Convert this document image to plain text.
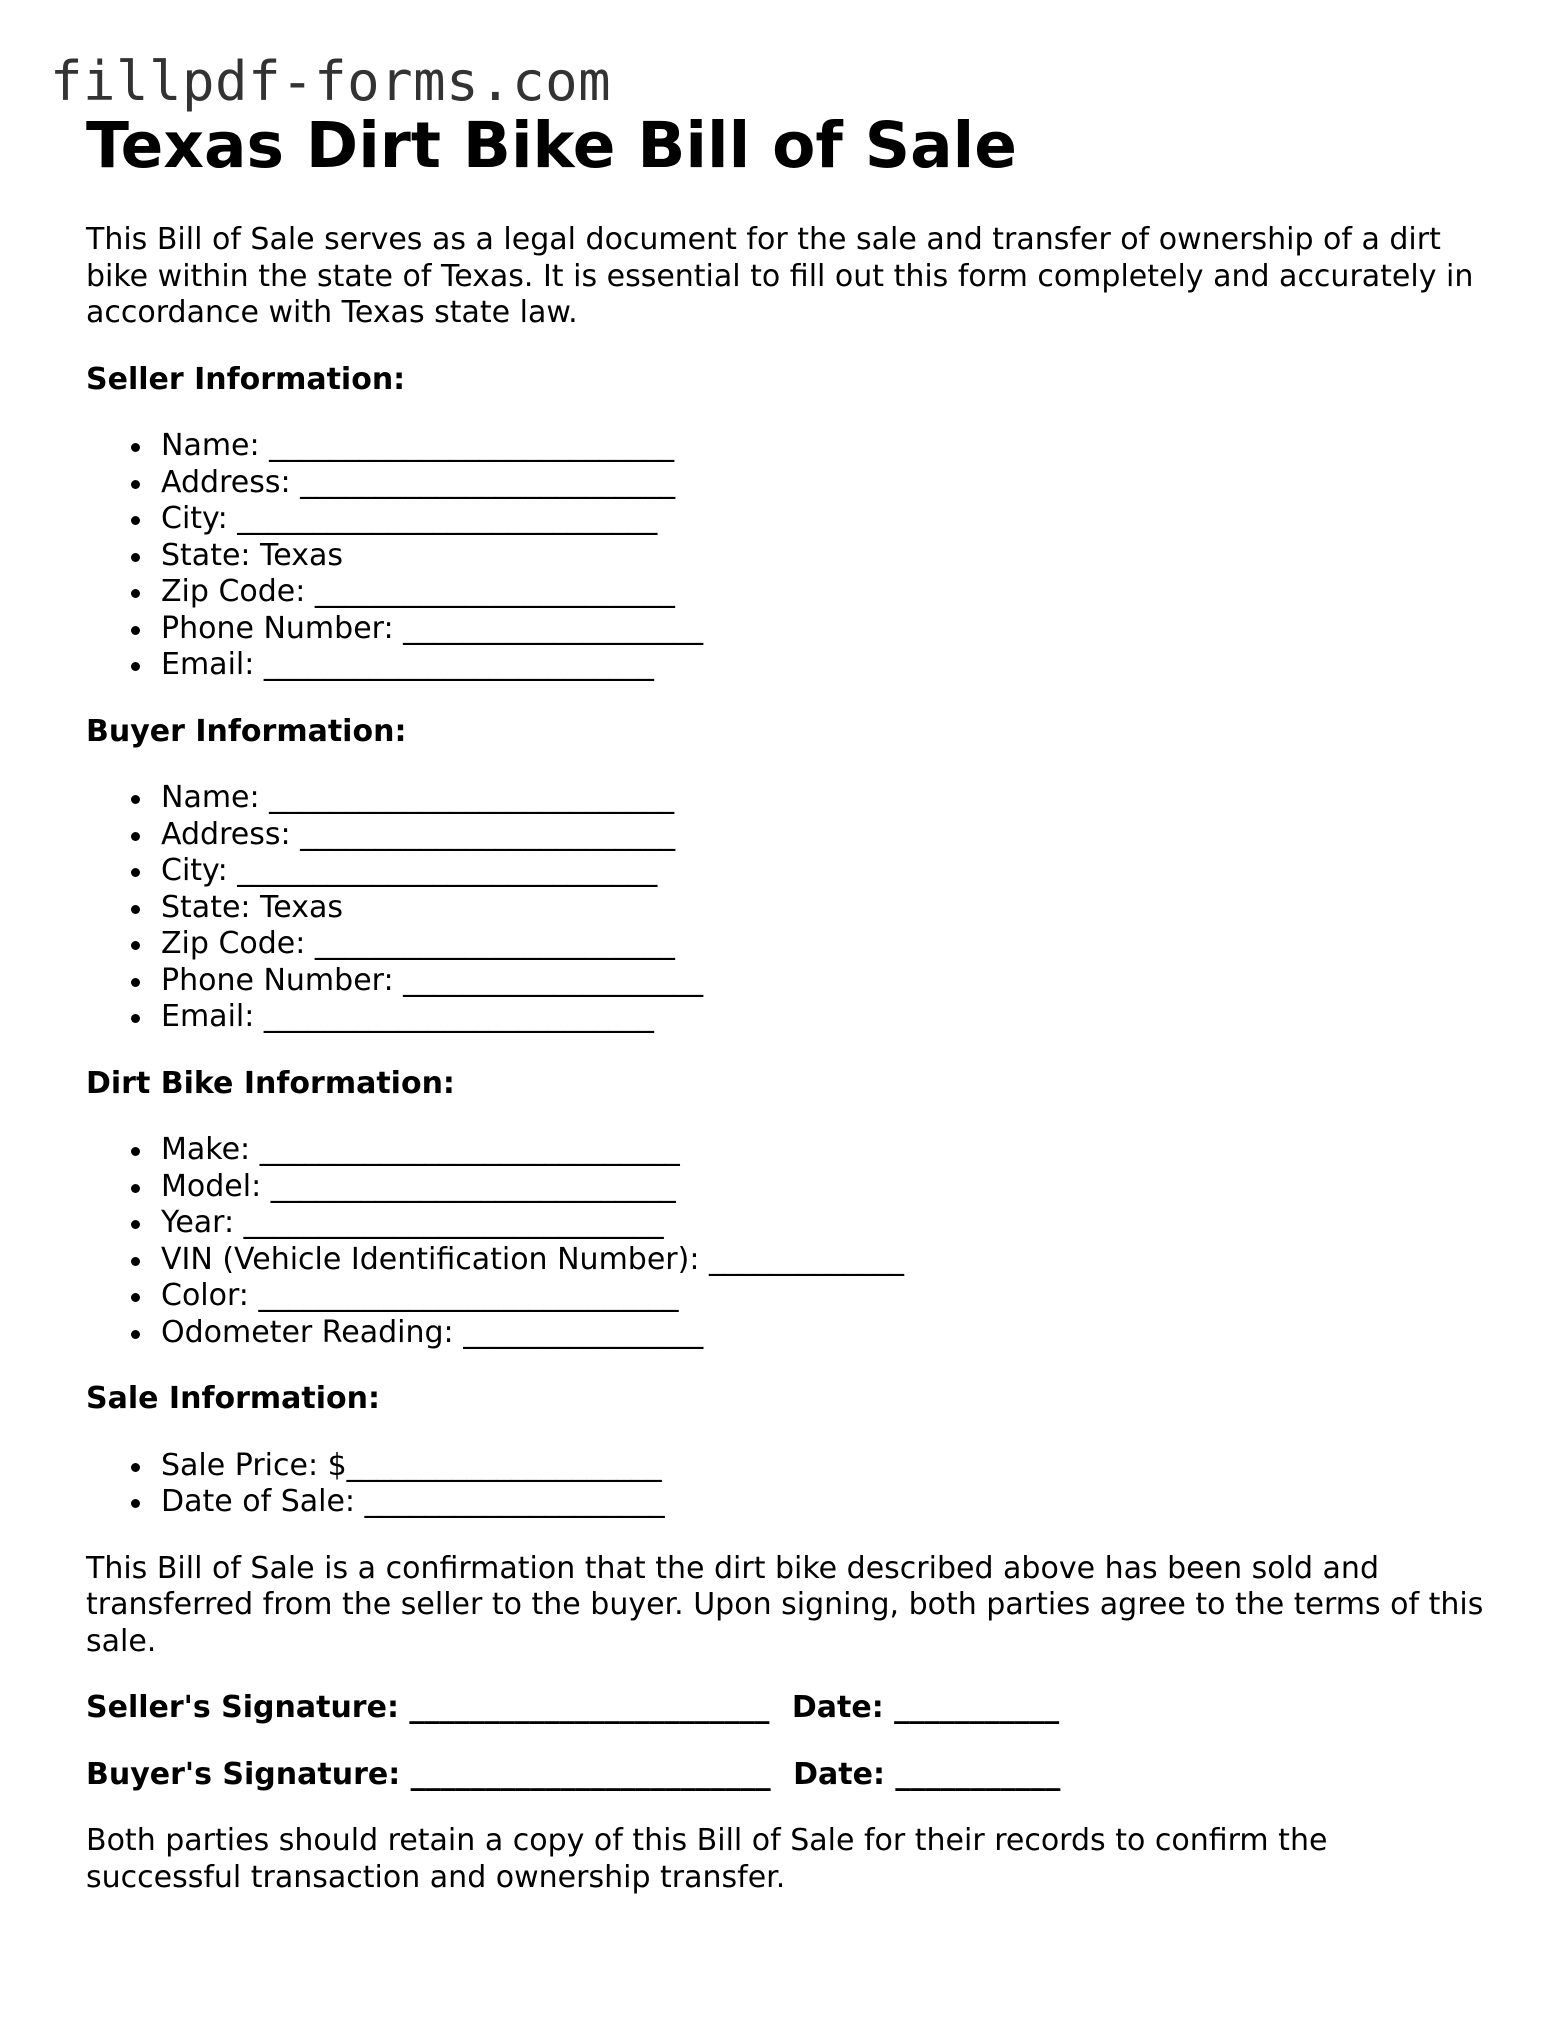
fillpdf-forms.com
Texas Dirt Bike Bill of Sale

This Bill of Sale serves as a legal document for the sale and transfer of ownership of a dirt bike within the state of Texas. It is essential to fill out this form completely and accurately in accordance with Texas state law.

Seller Information:
Name: ___________________________
Address: _________________________
City: ____________________________
State: Texas
Zip Code: ________________________
Phone Number: ____________________
Email: __________________________
Buyer Information:
Name: ___________________________
Address: _________________________
City: ____________________________
State: Texas
Zip Code: ________________________
Phone Number: ____________________
Email: __________________________
Dirt Bike Information:
Make: ____________________________
Model: ___________________________
Year: ____________________________
VIN (Vehicle Identification Number): _____________
Color: ____________________________
Odometer Reading: ________________
Sale Information:
Sale Price: $_____________________
Date of Sale: ____________________

This Bill of Sale is a confirmation that the dirt bike described above has been sold and transferred from the seller to the buyer. Upon signing, both parties agree to the terms of this sale.

Seller's Signature: ________________________ Date: ___________
Buyer's Signature: ________________________ Date: ___________

Both parties should retain a copy of this Bill of Sale for their records to confirm the successful transaction and ownership transfer.
